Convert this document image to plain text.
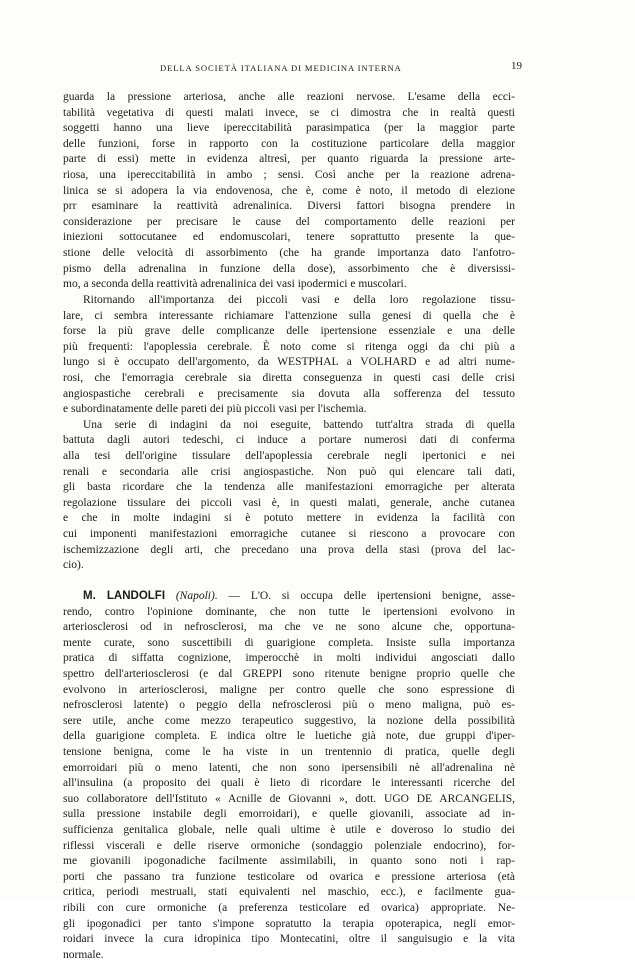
DELLA SOCIETÀ ITALIANA DI MEDICINA INTERNA	19
guarda la pressione arteriosa, anche alle reazioni nervose. L'esame della ecci-
tabilità vegetativa di questi malati invece, se ci dimostra che in realtà questi
soggetti hanno una lieve ipereccitabilità parasimpatica (per la maggior parte
delle funzioni, forse in rapporto con la costituzione particolare della maggior
parte di essi) mette in evidenza altresì, per quanto riguarda la pressione arte-
riosa, una ipereccitabilità in ambo ; sensi. Così anche per la reazione adrena-
linica se si adopera la via endovenosa, che è, come è noto, il metodo di elezione
prr esaminare la reattività adrenalinica. Diversi fattori bisogna prendere in
considerazione per precisare le cause del comportamento delle reazioni per
iniezioni sottocutanee ed endomuscolari, tenere soprattutto presente la que-
stione delle velocità di assorbimento (che ha grande importanza dato l'anfotro-
pismo della adrenalina in funzione della dose), assorbimento che è diversissi-
mo, a seconda della reattività adrenalinica dei vasi ipodermici e muscolari.
Ritornando all'importanza dei piccoli vasi e della loro regolazione tissu-
lare, ci sembra interessante richiamare l'attenzione sulla genesi di quella che è
forse la più grave delle complicanze delle ipertensione essenziale e una delle
più frequenti: l'apoplessia cerebrale. È noto come si ritenga oggi da chi più a
lungo si è occupato dell'argomento, da WESTPHAL a VOLHARD e ad altri nume-
rosi, che l'emorragia cerebrale sia diretta conseguenza in questi casi delle crisi
angiospastiche cerebrali e precisamente sia dovuta alla sofferenza del tessuto
e subordinatamente delle pareti dei più piccoli vasi per l'ischemia.
Una serie di indagini da noi eseguite, battendo tutt'altra strada di quella
battuta dagli autori tedeschi, ci induce a portare numerosi dati di conferma
alla tesi dell'origine tissulare dell'apoplessia cerebrale negli ipertonici e nei
renali e secondaria alle crisi angiospastiche. Non può qui elencare tali dati,
gli basta ricordare che la tendenza alle manifestazioni emorragiche per alterata
regolazione tissulare dei piccoli vasi è, in questi malati, generale, anche cutanea
e che in molte indagini si è potuto mettere in evidenza la facilità con
cui imponenti manifestazioni emorragiche cutanee si riescono a provocare con
ischemizzazione degli arti, che precedano una prova della stasi (prova del lac-
cio).
M. LANDOLFI (Napoli). — L'O. si occupa delle ipertensioni benigne, asse-
rendo, contro l'opinione dominante, che non tutte le ipertensioni evolvono in
arteriosclerosi od in nefrosclerosi, ma che ve ne sono alcune che, opportuna-
mente curate, sono suscettibili di guarigione completa. Insiste sulla importanza
pratica di siffatta cognizione, imperocchè in molti individui angosciati dallo
spettro dell'arteriosclerosi (e dal GREPPI sono ritenute benigne proprio quelle che
evolvono in arteriosclerosi, maligne per contro quelle che sono espressione di
nefrosclerosi latente) o peggio della nefrosclerosi più o meno maligna, può es-
sere utile, anche come mezzo terapeutico suggestivo, la nozione della possibilità
della guarigione completa. E indica oltre le luetiche già note, due gruppi d'iper-
tensione benigna, come le ha viste in un trentennio di pratica, quelle degli
emorroidari più o meno latenti, che non sono ipersensibili nè all'adrenalina nè
all'insulina (a proposito dei quali è lieto di ricordare le interessanti ricerche del
suo collaboratore dell'Istituto « Acnille de Giovanni », dott. UGO DE ARCANGELIS,
sulla pressione instabile degli emorroidari), e quelle giovanili, associate ad in-
sufficienza genitalica globale, nelle quali ultime è utile e doveroso lo studio dei
riflessi viscerali e delle riserve ormoniche (sondaggio polenziale endocrino), for-
me giovanili ipogonadiche facilmente assimilabili, in quanto sono noti i rap-
porti che passano tra funzione testicolare od ovarica e pressione arteriosa (età
critica, periodi mestruali, stati equivalenti nel maschio, ecc.), e facilmente gua-
ribili con cure ormoniche (a preferenza testicolare ed ovarica) appropriate. Ne-
gli ipogonadici per tanto s'impone sopratutto la terapia opoterapica, negli emor-
roidari invece la cura idropinica tipo Montecatini, oltre il sanguisugio e la vita
normale.
